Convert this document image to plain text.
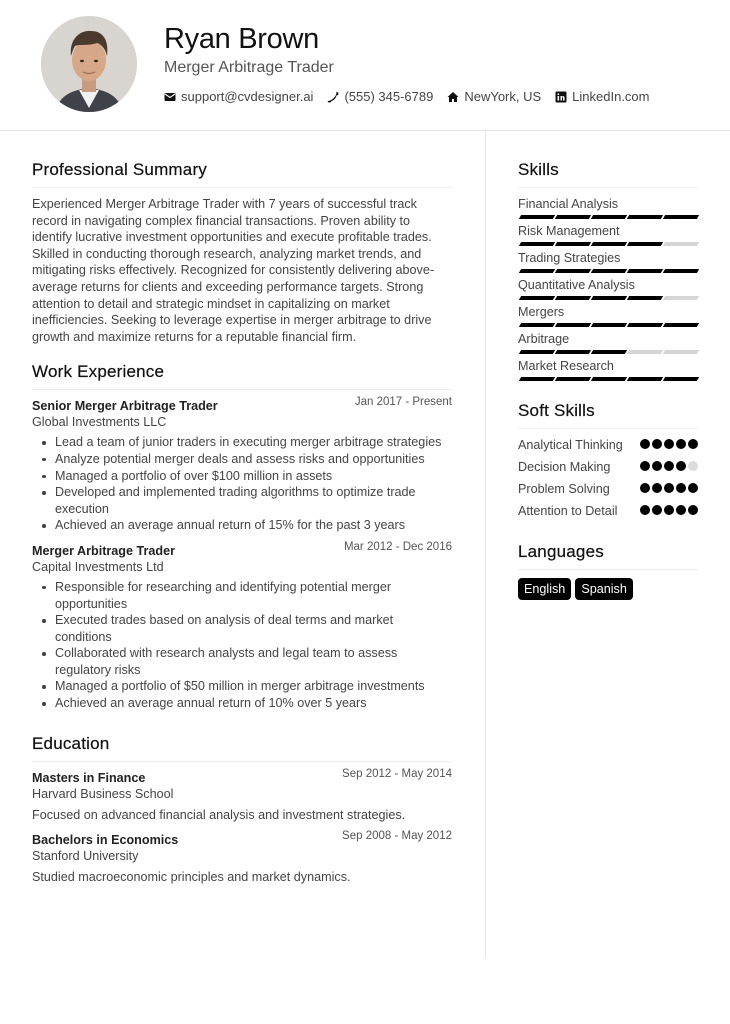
Ryan Brown
Merger Arbitrage Trader
support@cvdesigner.ai (555) 345-6789 NewYork, US LinkedIn.com
Professional Summary
Experienced Merger Arbitrage Trader with 7 years of successful track record in navigating complex financial transactions. Proven ability to identify lucrative investment opportunities and execute profitable trades. Skilled in conducting thorough research, analyzing market trends, and mitigating risks effectively. Recognized for consistently delivering above-average returns for clients and exceeding performance targets. Strong attention to detail and strategic mindset in capitalizing on market inefficiencies. Seeking to leverage expertise in merger arbitrage to drive growth and maximize returns for a reputable financial firm.
Work Experience
Senior Merger Arbitrage Trader	Jan 2017 - Present
Global Investments LLC
Lead a team of junior traders in executing merger arbitrage strategies
Analyze potential merger deals and assess risks and opportunities
Managed a portfolio of over $100 million in assets
Developed and implemented trading algorithms to optimize trade execution
Achieved an average annual return of 15% for the past 3 years
Merger Arbitrage Trader	Mar 2012 - Dec 2016
Capital Investments Ltd
Responsible for researching and identifying potential merger opportunities
Executed trades based on analysis of deal terms and market conditions
Collaborated with research analysts and legal team to assess regulatory risks
Managed a portfolio of $50 million in merger arbitrage investments
Achieved an average annual return of 10% over 5 years
Education
Masters in Finance	Sep 2012 - May 2014
Harvard Business School
Focused on advanced financial analysis and investment strategies.
Bachelors in Economics	Sep 2008 - May 2012
Stanford University
Studied macroeconomic principles and market dynamics.
Skills
Financial Analysis
Risk Management
Trading Strategies
Quantitative Analysis
Mergers
Arbitrage
Market Research
Soft Skills
Analytical Thinking
Decision Making
Problem Solving
Attention to Detail
Languages
English	Spanish
